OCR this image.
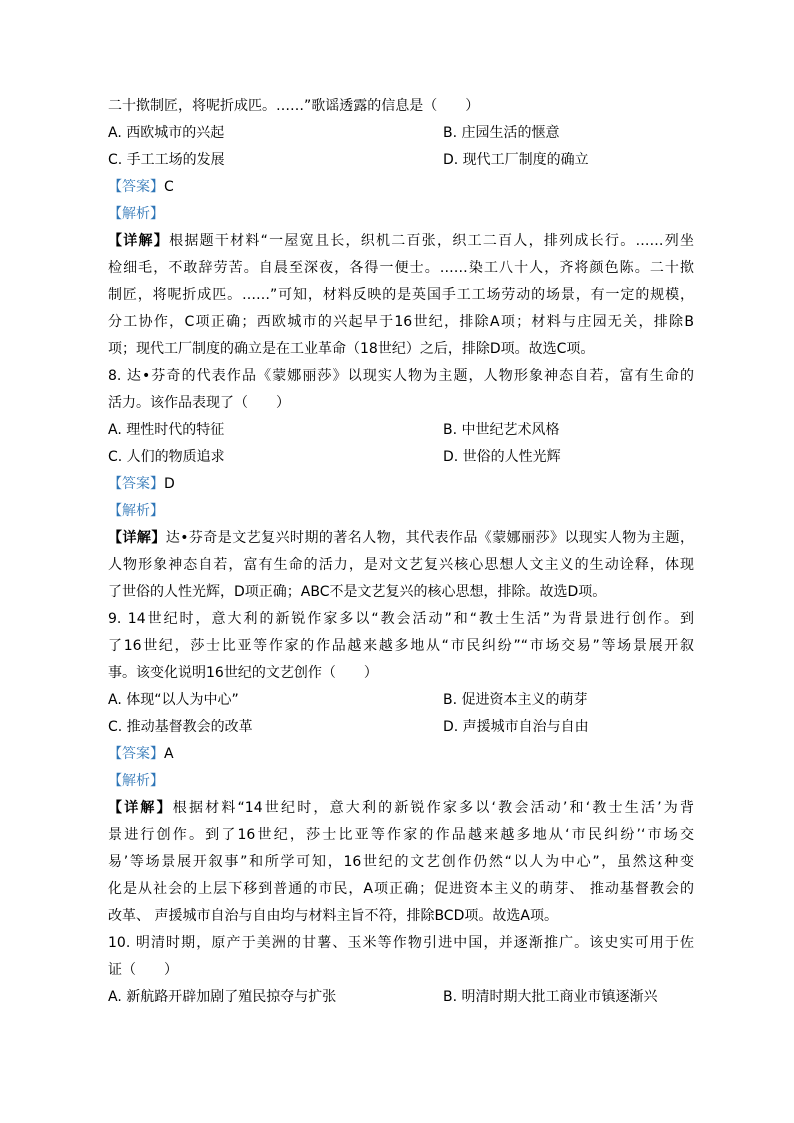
二十揿制匠，将呢折成匹。……”歌谣透露的信息是（　　）
A. 西欧城市的兴起	B. 庄园生活的惬意
C. 手工工场的发展	D. 现代工厂制度的确立
【答案】C
【解析】
【详解】根据题干材料“一屋宽且长，织机二百张，织工二百人，排列成长行。……列坐
检细毛，不敢辞劳苦。自晨至深夜，各得一便士。……染工八十人，齐将颜色陈。二十揿
制匠，将呢折成匹。……”可知，材料反映的是英国手工工场劳动的场景，有一定的规模，
分工协作，C项正确；西欧城市的兴起早于16世纪，排除A项；材料与庄园无关，排除B
项；现代工厂制度的确立是在工业革命（18世纪）之后，排除D项。故选C项。
8. 达•芬奇的代表作品《蒙娜丽莎》以现实人物为主题，人物形象神态自若，富有生命的
活力。该作品表现了（　　）
A. 理性时代的特征	B. 中世纪艺术风格
C. 人们的物质追求	D. 世俗的人性光辉
【答案】D
【解析】
【详解】达•芬奇是文艺复兴时期的著名人物，其代表作品《蒙娜丽莎》以现实人物为主题，
人物形象神态自若，富有生命的活力，是对文艺复兴核心思想人文主义的生动诠释，体现
了世俗的人性光辉，D项正确；ABC不是文艺复兴的核心思想，排除。故选D项。
9. 14世纪时，意大利的新锐作家多以“教会活动”和“教士生活”为背景进行创作。到
了16世纪，莎士比亚等作家的作品越来越多地从“市民纠纷”“市场交易”等场景展开叙
事。该变化说明16世纪的文艺创作（　　）
A. 体现“以人为中心”	B. 促进资本主义的萌芽
C. 推动基督教会的改革	D. 声援城市自治与自由
【答案】A
【解析】
【详解】根据材料“14世纪时，意大利的新锐作家多以‘教会活动’和‘教士生活’为背
景进行创作。到了16世纪，莎士比亚等作家的作品越来越多地从‘市民纠纷’‘市场交
易’等场景展开叙事”和所学可知，16世纪的文艺创作仍然“以人为中心”，虽然这种变
化是从社会的上层下移到普通的市民，A项正确；促进资本主义的萌芽、 推动基督教会的
改革、 声援城市自治与自由均与材料主旨不符，排除BCD项。故选A项。
10. 明清时期，原产于美洲的甘薯、玉米等作物引进中国，并逐渐推广。该史实可用于佐
证（　　）
A. 新航路开辟加剧了殖民掠夺与扩张	B. 明清时期大批工商业市镇逐渐兴
